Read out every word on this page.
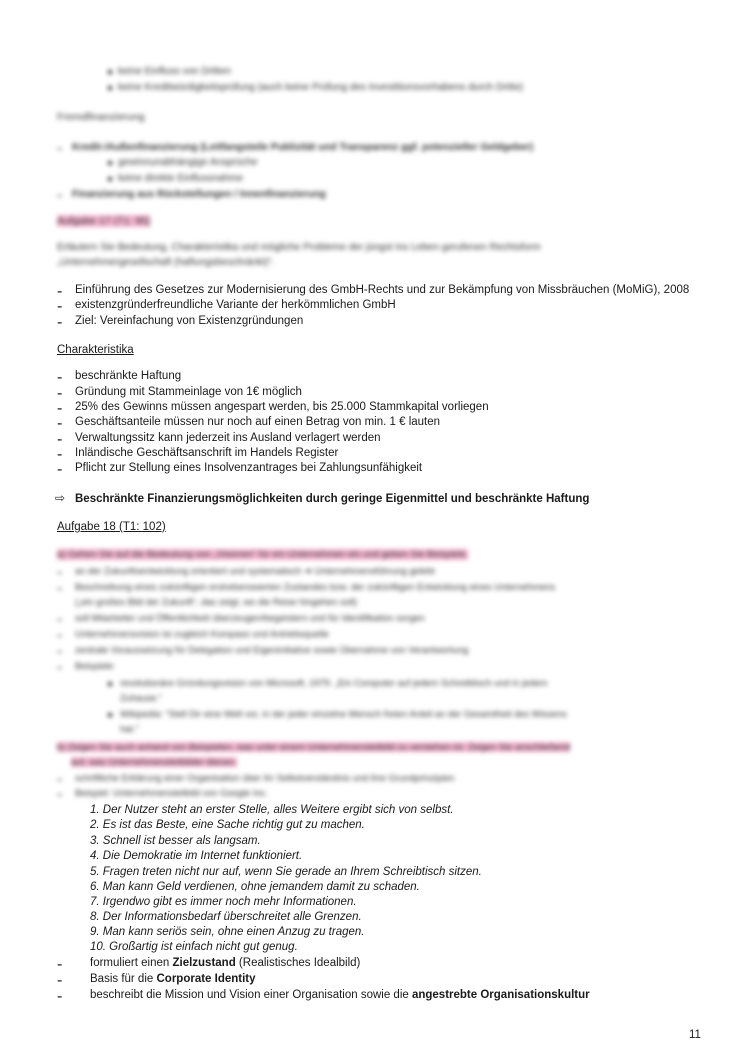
keine Einfluss von Dritten
keine Kreditwürdigkeitsprüfung (auch keine Prüfung des Investitionsvorhabens durch Dritte)
Fremdfinanzierung
- Kredit-/Außenfinanzierung (Leitfangsteile Publizität und Transparenz ggf. potenzieller Geldgeber)
gewinnunabhängige Ansprüche
keine direkte Einflussnahme
- Finanzierung aus Rückstellungen / Innenfinanzierung
Aufgabe 17 (T1: 95)
Erläutern Sie Bedeutung, Charakteristika und mögliche Probleme der jüngst ins Leben gerufenen Rechtsform
„Unternehmergesellschaft (haftungsbeschränkt)“.
-	Einführung des Gesetzes zur Modernisierung des GmbH-Rechts und zur Bekämpfung von Missbräuchen (MoMiG), 2008
-	existenzgründerfreundliche Variante der herkömmlichen GmbH
-	Ziel: Vereinfachung von Existenzgründungen
Charakteristika
-	beschränkte Haftung
-	Gründung mit Stammeinlage von 1€ möglich
-	25% des Gewinns müssen angespart werden, bis 25.000 Stammkapital vorliegen
-	Geschäftsanteile müssen nur noch auf einen Betrag von min. 1 € lauten
-	Verwaltungssitz kann jederzeit ins Ausland verlagert werden
-	Inländische Geschäftsanschrift im Handels Register
-	Pflicht zur Stellung eines Insolvenzantrages bei Zahlungsunfähigkeit
⇨ Beschränkte Finanzierungsmöglichkeiten durch geringe Eigenmittel und beschränkte Haftung
Aufgabe 18 (T1: 102)
a) Gehen Sie auf die Bedeutung von „Visionen“ für ein Unternehmen ein und geben Sie Beispiele.
-	an der Zukunftsentwicklung orientiert und systematisch ➔ Unternehmensführung gelebt
-	Beschreibung eines zukünftigen erstrebenswerten Zustandes bzw. der zukünftigen Entwicklung eines Unternehmens
(„ein großes Bild der Zukunft“, das zeigt, wo die Reise hingehen soll)
-	soll Mitarbeiter und Öffentlichkeit überzeugen/begeistern und für Identifikation sorgen
-	Unternehmensvision ist zugleich Kompass und Antriebsquelle
-	zentrale Voraussetzung für Delegation und Eigeninitiative sowie Übernahme von Verantwortung
-	Beispiele:
revolutionäre Gründungsvision von Microsoft, 1975: „Ein Computer auf jedem Schreibtisch und in jedem
Zuhause.“
Wikipedia: “Stell Dir eine Welt vor, in der jeder einzelne Mensch freien Anteil an der Gesamtheit des Wissens
hat.”
b) Zeigen Sie auch anhand von Beispielen, was unter einem Unternehmensleitbild zu verstehen ist. Zeigen Sie anschließend
auf, was Unternehmensleitbilder dienen.
-	schriftliche Erklärung einer Organisation über ihr Selbstverständnis und ihre Grundprinzipien
-	Beispiel: Unternehmensleitbild von Google Inc.
1. Der Nutzer steht an erster Stelle, alles Weitere ergibt sich von selbst.
2. Es ist das Beste, eine Sache richtig gut zu machen.
3. Schnell ist besser als langsam.
4. Die Demokratie im Internet funktioniert.
5. Fragen treten nicht nur auf, wenn Sie gerade an Ihrem Schreibtisch sitzen.
6. Man kann Geld verdienen, ohne jemandem damit zu schaden.
7. Irgendwo gibt es immer noch mehr Informationen.
8. Der Informationsbedarf überschreitet alle Grenzen.
9. Man kann seriös sein, ohne einen Anzug zu tragen.
10. Großartig ist einfach nicht gut genug.
-	formuliert einen Zielzustand (Realistisches Idealbild)
-	Basis für die Corporate Identity
-	beschreibt die Mission und Vision einer Organisation sowie die angestrebte Organisationskultur
11
